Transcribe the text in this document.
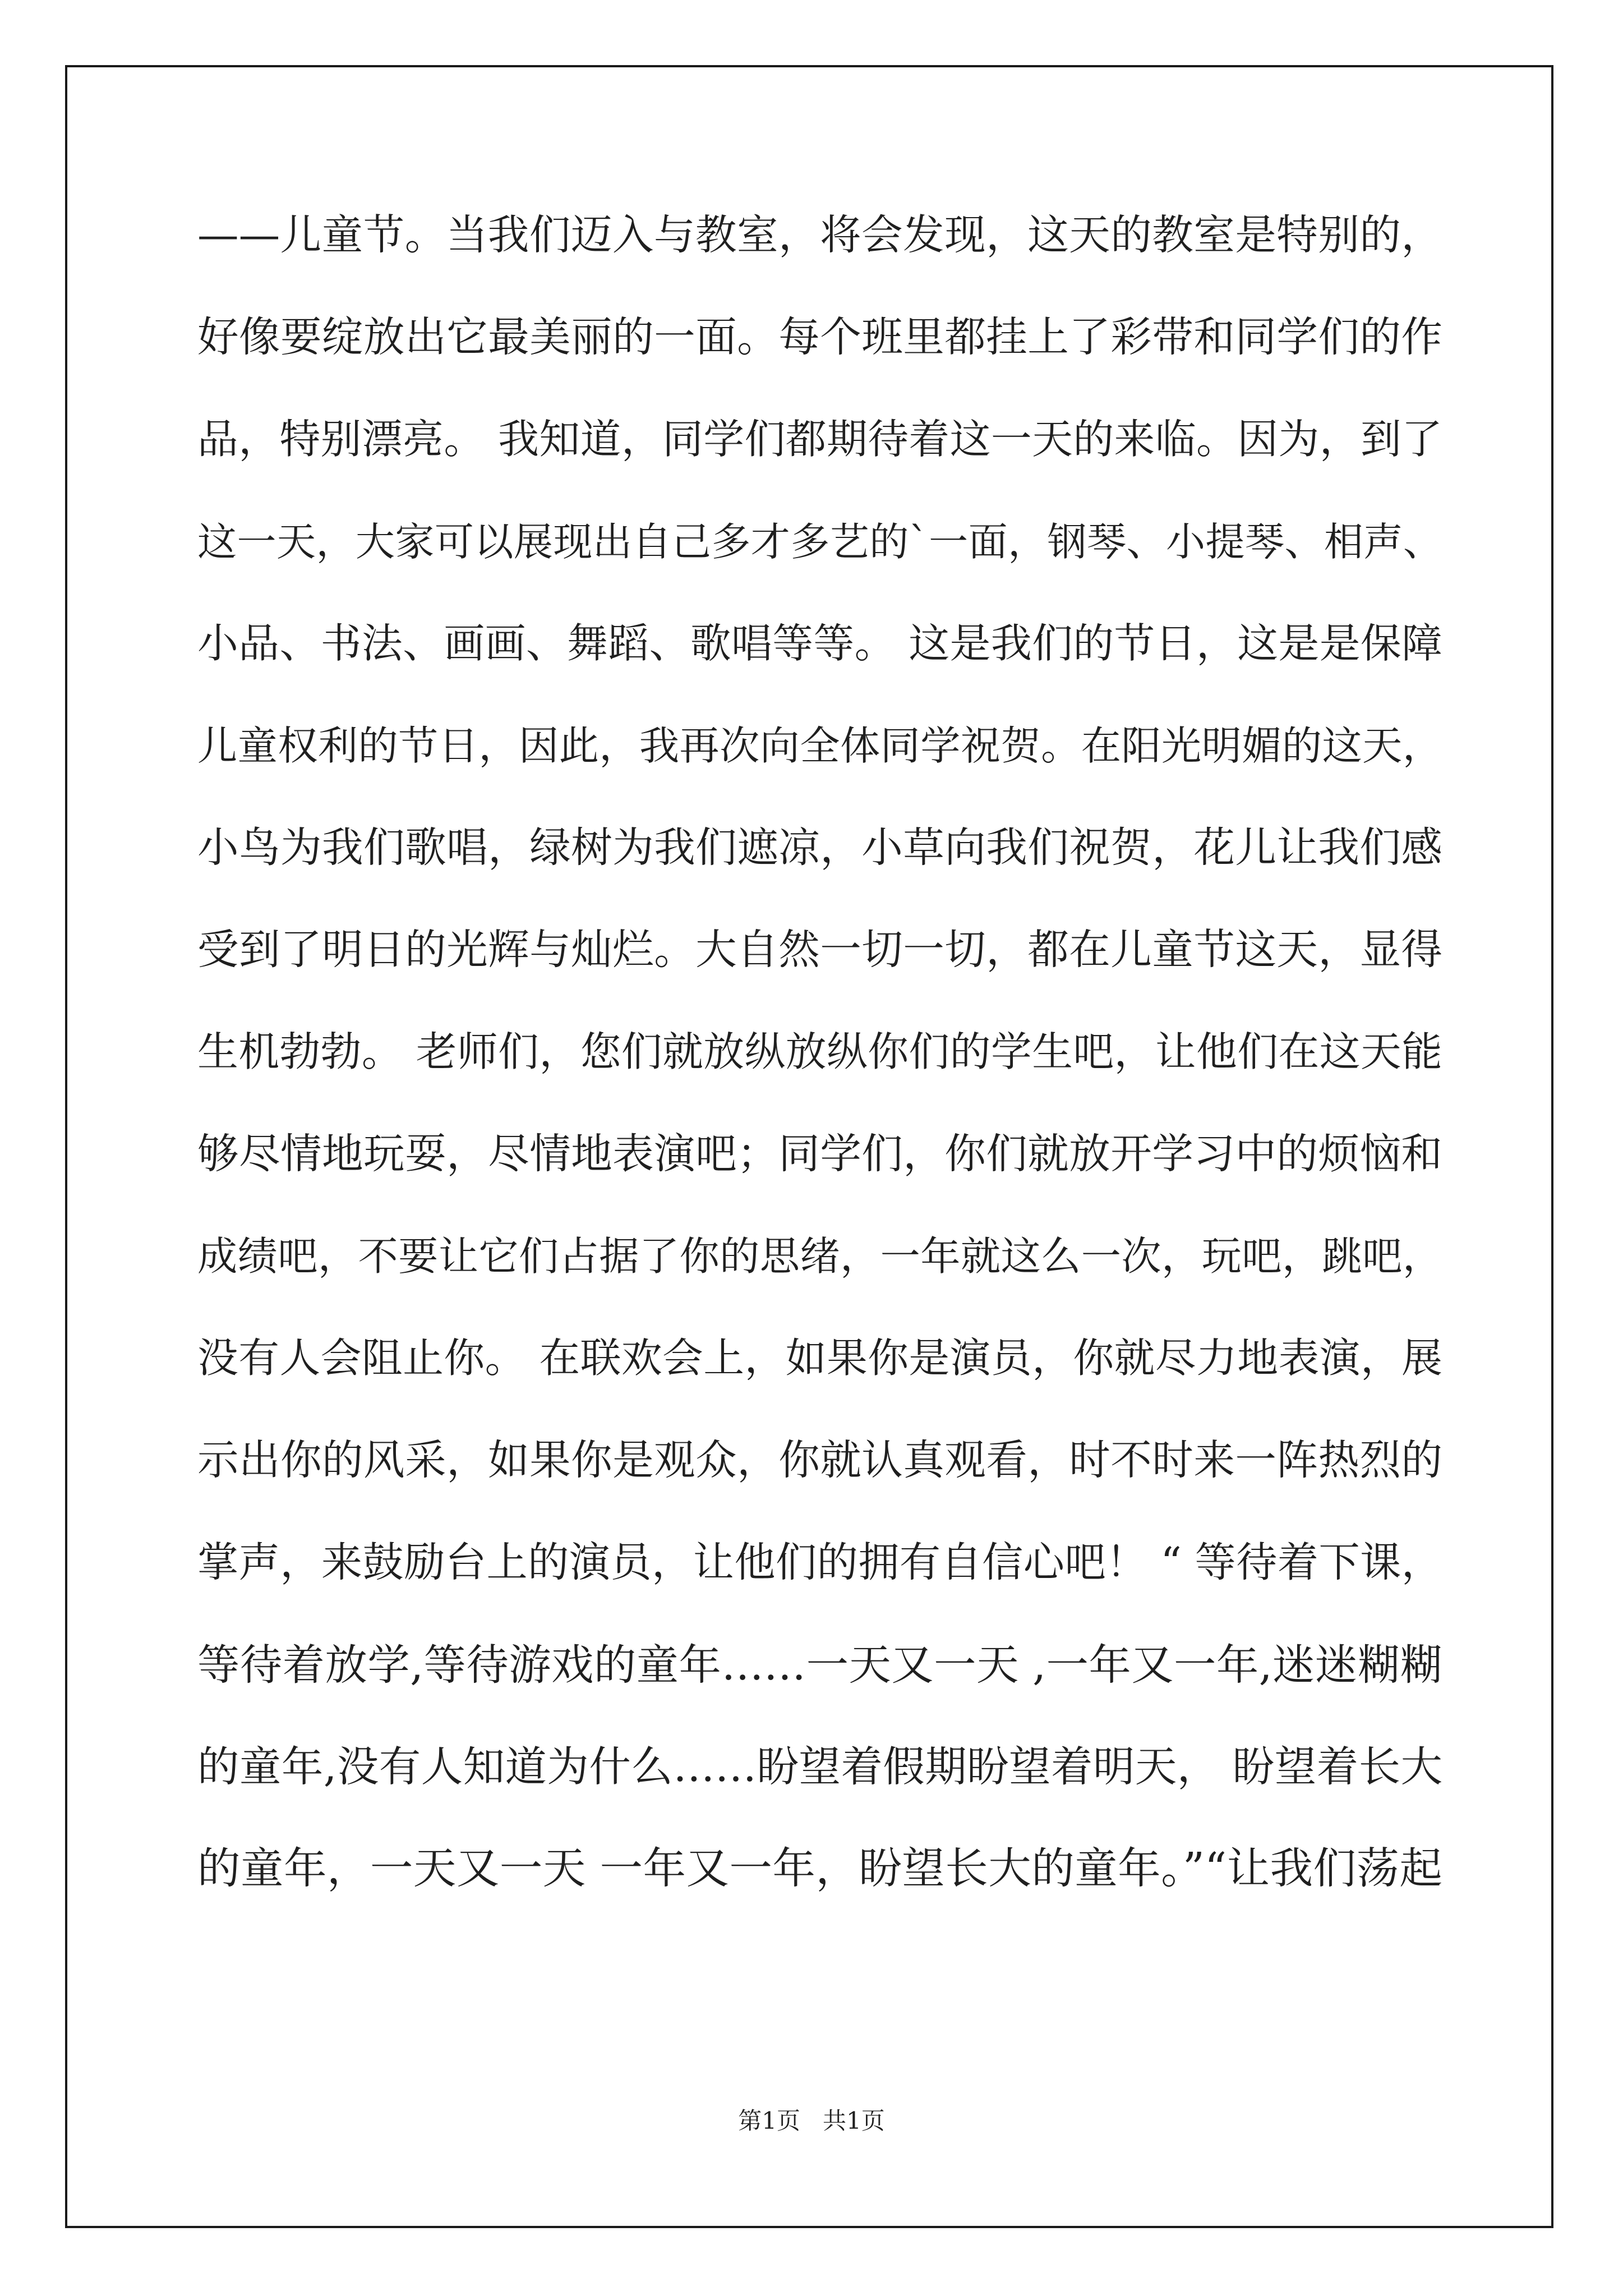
——儿童节。当我们迈入与教室，将会发现，这天的教室是特别的，
好像要绽放出它最美丽的一面。每个班里都挂上了彩带和同学们的作
品，特别漂亮。 我知道，同学们都期待着这一天的来临。因为，到了
这一天，大家可以展现出自己多才多艺的`一面，钢琴、小提琴、相声、
小品、书法、画画、舞蹈、歌唱等等。 这是我们的节日，这是是保障
儿童权利的节日，因此，我再次向全体同学祝贺。在阳光明媚的这天，
小鸟为我们歌唱，绿树为我们遮凉，小草向我们祝贺，花儿让我们感
受到了明日的光辉与灿烂。大自然一切一切，都在儿童节这天，显得
生机勃勃。 老师们，您们就放纵放纵你们的学生吧，让他们在这天能
够尽情地玩耍，尽情地表演吧；同学们，你们就放开学习中的烦恼和
成绩吧，不要让它们占据了你的思绪，一年就这么一次，玩吧，跳吧，
没有人会阻止你。 在联欢会上，如果你是演员，你就尽力地表演，展
示出你的风采，如果你是观众，你就认真观看，时不时来一阵热烈的
掌声，来鼓励台上的演员，让他们的拥有自信心吧！ “ 等待着下课，
等待着放学,等待游戏的童年……一天又一天 ,一年又一年,迷迷糊糊
的童年,没有人知道为什么……盼望着假期盼望着明天， 盼望着长大
的童年，一天又一天 一年又一年，盼望长大的童年。”“让我们荡起
第1页   共1页
